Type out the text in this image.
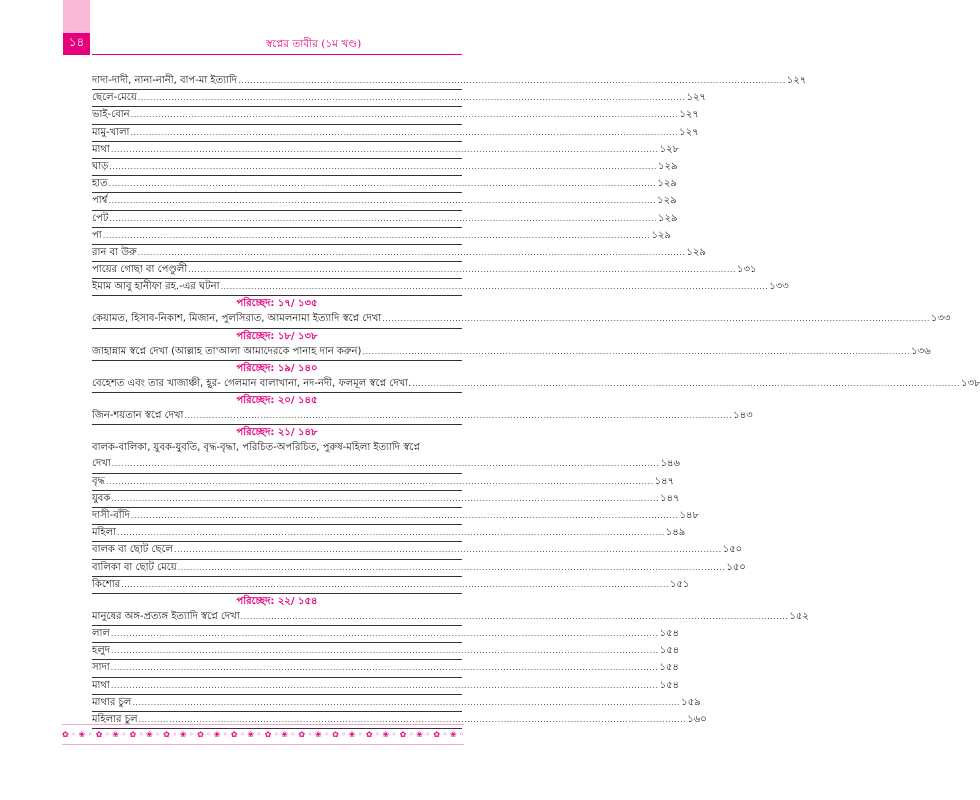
১৪	স্বপ্নের তাবীর (১ম খণ্ড)
দাদা-দাদী, নানা-নানী, বাপ-মা ইত্যাদি .....	১২৭
ছেলে-মেয়ে .....	১২৭
ভাই-বোন .....	১২৭
মামু-খালা .....	১২৭
মাথা .....	১২৮
ঘাড় .....	১২৯
হাত .....	১২৯
পার্শ্ব .....	১২৯
পেট .....	১২৯
পা .....	১২৯
রান বা উরু .....	১২৯
পায়ের গোছা বা পেণ্ডুলী .....	১৩১
ইমাম আবু হানীফা রহ.-এর ঘটনা .....	১৩৩
পরিচ্ছেদ: ১৭/ ১৩৫
কেয়ামত, হিসাব-নিকাশ, মিজান, পুলসিরাত, আমলনামা ইত্যাদি স্বপ্নে দেখা .....	১৩৩
পরিচ্ছেদ: ১৮/ ১৩৮
জাহান্নাম স্বপ্নে দেখা (আল্লাহ তা'আলা আমাদেরকে পানাহ দান করুন) .....	১৩৬
পরিচ্ছেদ: ১৯/ ১৪০
বেহেশত এবং তার খাজাঞ্চী, হূর- গেলমান বালাখানা, নদ-নদী, ফলমূল স্বপ্নে দেখা. .....	১৩৮
পরিচ্ছেদ: ২০/ ১৪৫
জিন-শয়তান স্বপ্নে দেখা .....	১৪৩
পরিচ্ছেদ: ২১/ ১৪৮
বালক-বালিকা, যুবক-যুবতি, বৃদ্ধ-বৃদ্ধা, পরিচিত-অপরিচিত, পুরুষ-মহিলা ইত্যাদি স্বপ্নে
দেখা .....	১৪৬
বৃদ্ধ .....	১৪৭
যুবক .....	১৪৭
দাসী-বাঁদি .....	১৪৮
মহিলা .....	১৪৯
বালক বা ছোট ছেলে .....	১৫০
বালিকা বা ছোট মেয়ে .....	১৫০
কিশোর .....	১৫১
পরিচ্ছেদ: ২২/ ১৫৪
মানুষের অঙ্গ-প্রত্যঙ্গ ইত্যাদি স্বপ্নে দেখা .....	১৫২
লাল .....	১৫৪
হলুদ .....	১৫৪
সাদা .....	১৫৪
মাথা .....	১৫৪
মাথার চুল .....	১৫৯
মহিলার চুল .....	১৬০
✿ ◦ ❀ ◦ ✿ ◦ ❀ ◦ ✿ ◦ ❀ ◦ ✿ ◦ ❀ ◦ ✿ ◦ ❀ ◦ ✿ ◦ ❀ ◦ ✿ ◦ ❀ ◦ ✿ ◦ ❀ ◦ ✿ ◦ ❀ ◦ ✿ ◦ ❀ ◦ ✿ ◦ ❀ ◦ ✿ ◦ ❀ ◦
